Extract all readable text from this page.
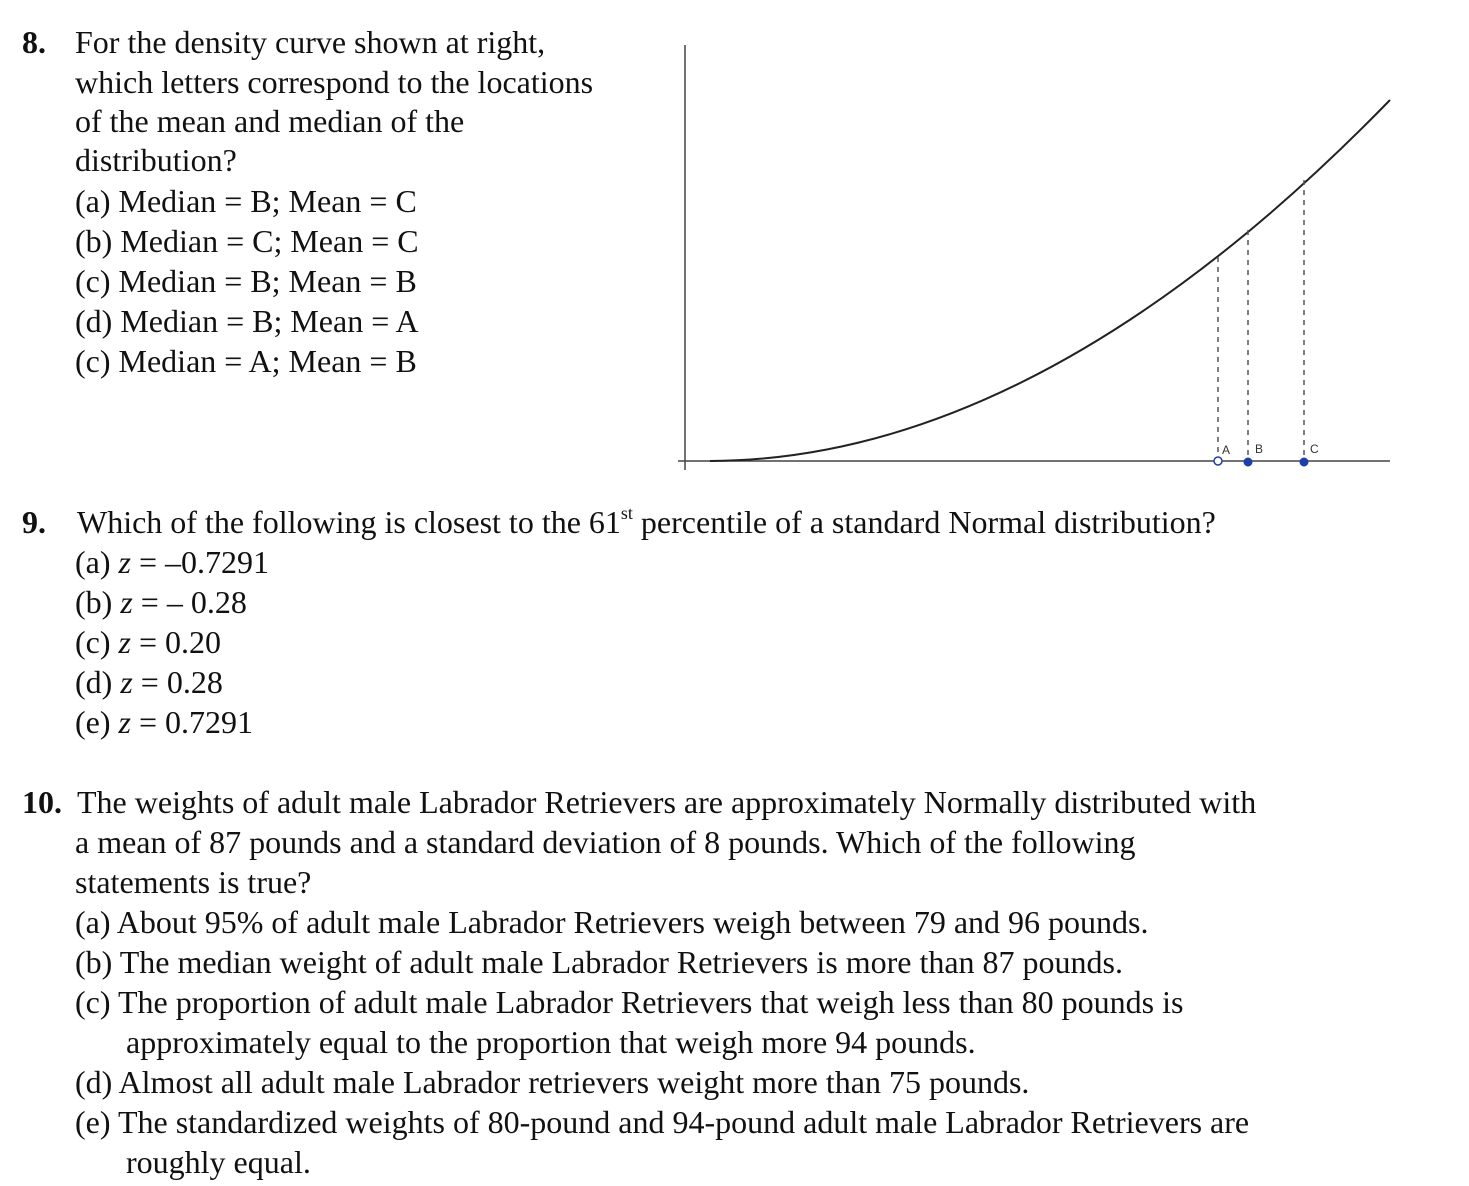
8. For the density curve shown at right,
which letters correspond to the locations
of the mean and median of the
distribution?
(a) Median = B; Mean = C
(b) Median = C; Mean = C
(c) Median = B; Mean = B
(d) Median = B; Mean = A
(c) Median = A; Mean = B
A B	C
9. Which of the following is closest to the 61st percentile of a standard Normal distribution?
(a) z = –0.7291
(b) z = – 0.28
(c) z = 0.20
(d) z = 0.28
(e) z = 0.7291
10. The weights of adult male Labrador Retrievers are approximately Normally distributed with
a mean of 87 pounds and a standard deviation of 8 pounds. Which of the following
statements is true?
(a) About 95% of adult male Labrador Retrievers weigh between 79 and 96 pounds.
(b) The median weight of adult male Labrador Retrievers is more than 87 pounds.
(c) The proportion of adult male Labrador Retrievers that weigh less than 80 pounds is
approximately equal to the proportion that weigh more 94 pounds.
(d) Almost all adult male Labrador retrievers weight more than 75 pounds.
(e) The standardized weights of 80-pound and 94-pound adult male Labrador Retrievers are
roughly equal.
